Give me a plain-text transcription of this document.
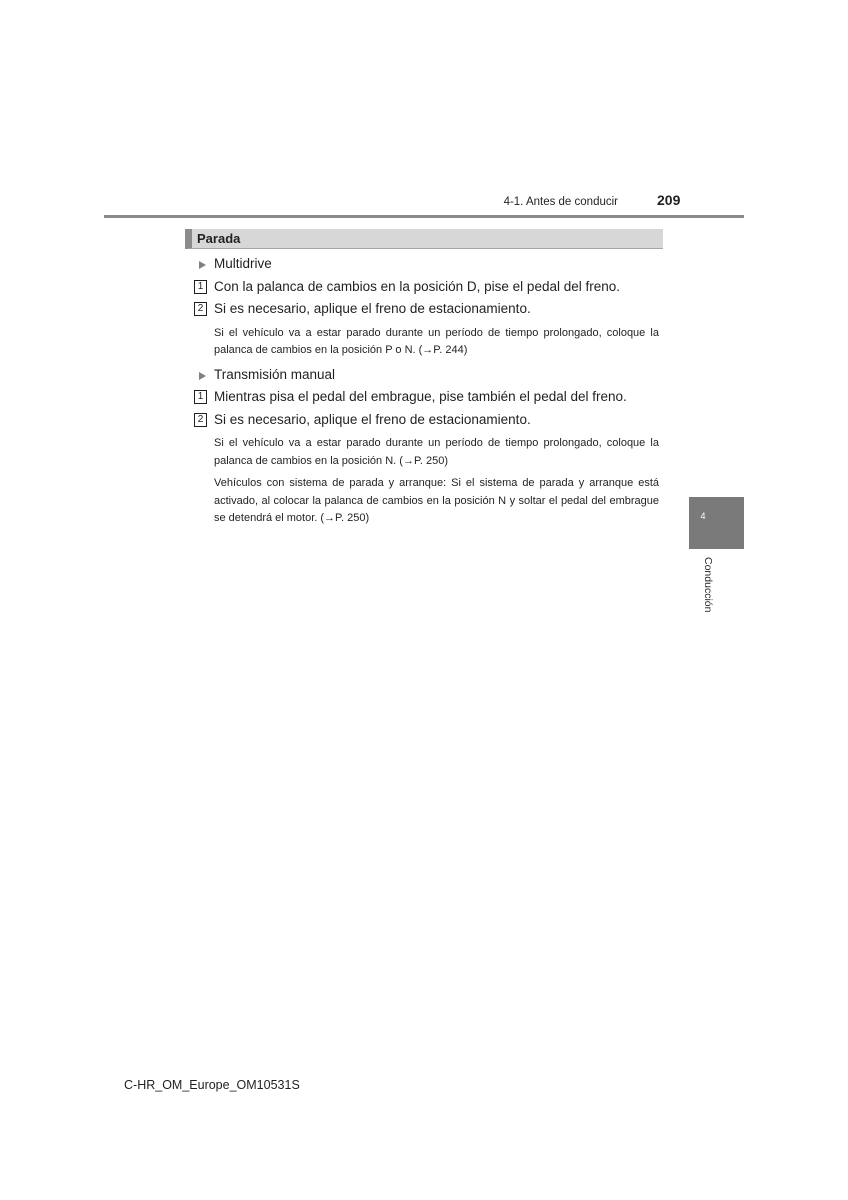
4-1. Antes de conducir	209
Parada
Multidrive
1 Con la palanca de cambios en la posición D, pise el pedal del freno.
2 Si es necesario, aplique el freno de estacionamiento.
Si el vehículo va a estar parado durante un período de tiempo prolongado, coloque la palanca de cambios en la posición P o N. (→P. 244)
Transmisión manual
1 Mientras pisa el pedal del embrague, pise también el pedal del freno.
2 Si es necesario, aplique el freno de estacionamiento.
Si el vehículo va a estar parado durante un período de tiempo prolongado, coloque la palanca de cambios en la posición N. (→P. 250)
Vehículos con sistema de parada y arranque: Si el sistema de parada y arranque está activado, al colocar la palanca de cambios en la posición N y soltar el pedal del embrague se detendrá el motor. (→P. 250)	4
Conducción
C-HR_OM_Europe_OM10531S
